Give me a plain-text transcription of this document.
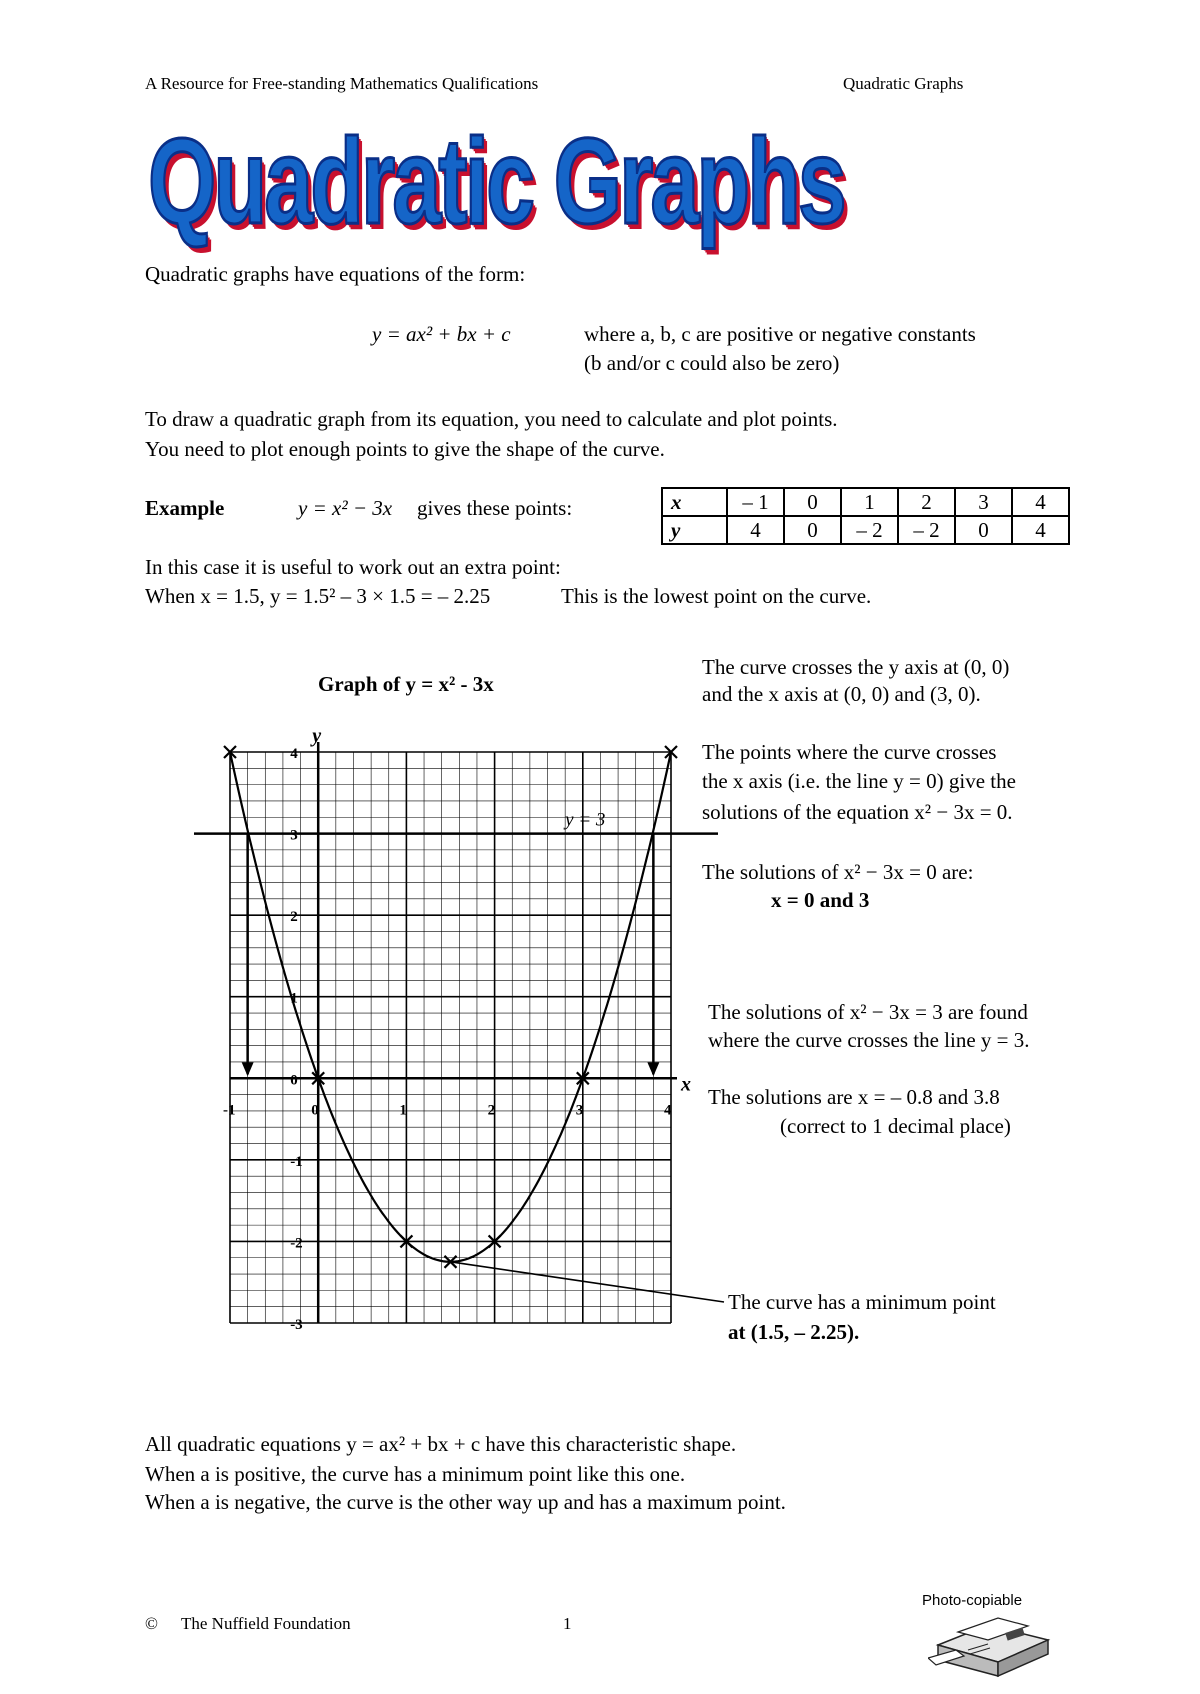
A Resource for Free-standing Mathematics Qualifications	Quadratic Graphs
Quadratic Graphs
Quadratic graphs have equations of the form:
y = ax² + bx + c	where a, b, c are positive or negative constants
(b and/or c could also be zero)
To draw a quadratic graph from its equation, you need to calculate and plot points.
You need to plot enough points to give the shape of the curve.
Example	y = x² − 3x gives these points:	x	– 1	0	1	2	3	4
y	4	0	– 2	– 2	0	4
In this case it is useful to work out an extra point:
When x = 1.5, y = 1.5² – 3 × 1.5 = – 2.25	This is the lowest point on the curve.
Graph of y = x² - 3x
x
y
-1	0	1	2	3	4
4
3
2
1
0
-1
-2
-3
y = 3
The curve crosses the y axis at (0, 0)
and the x axis at (0, 0) and (3, 0).
The points where the curve crosses
the x axis (i.e. the line y = 0) give the
solutions of the equation x² − 3x = 0.
The solutions of x² − 3x = 0 are:
x = 0 and 3
The solutions of x² − 3x = 3 are found
where the curve crosses the line y = 3.
The solutions are x = – 0.8 and 3.8
(correct to 1 decimal place)
The curve has a minimum point
at (1.5, – 2.25).
All quadratic equations y = ax² + bx + c have this characteristic shape.
When a is positive, the curve has a minimum point like this one.
When a is negative, the curve is the other way up and has a maximum point.
© The Nuffield Foundation	1
Photo-copiable
